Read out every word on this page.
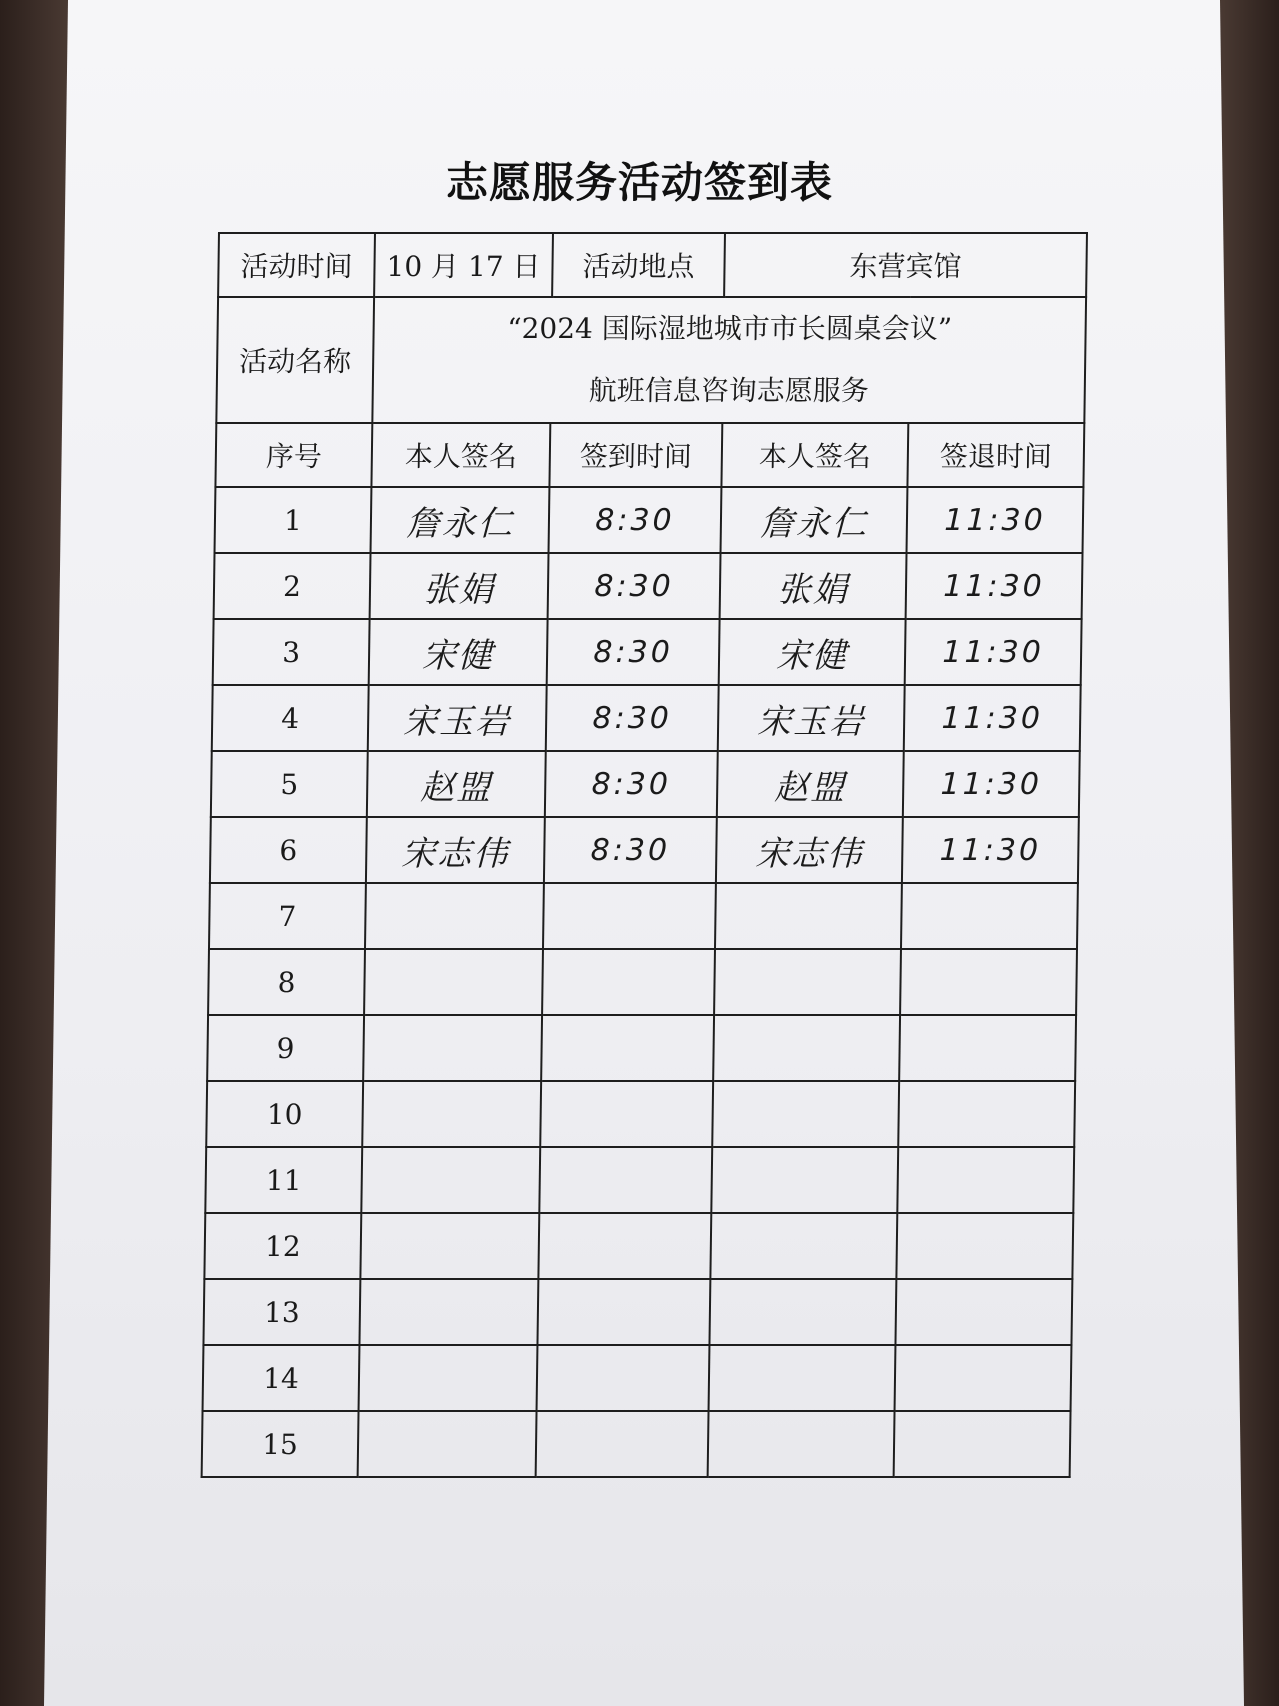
志愿服务活动签到表
活动时间	10 月 17 日	活动地点	东营宾馆	
活动名称	“2024 国际湿地城市市长圆桌会议”
航班信息咨询志愿服务			

序号	本人签名	签到时间	本人签名	签退时间
1	詹永仁	8:30	詹永仁	11:30
2	张娟	8:30	张娟	11:30
3	宋健	8:30	宋健	11:30
4	宋玉岩	8:30	宋玉岩	11:30
5	赵盟	8:30	赵盟	11:30
6	宋志伟	8:30	宋志伟	11:30
7				
8				
9				
10				
11				
12				
13				
14				
15				
